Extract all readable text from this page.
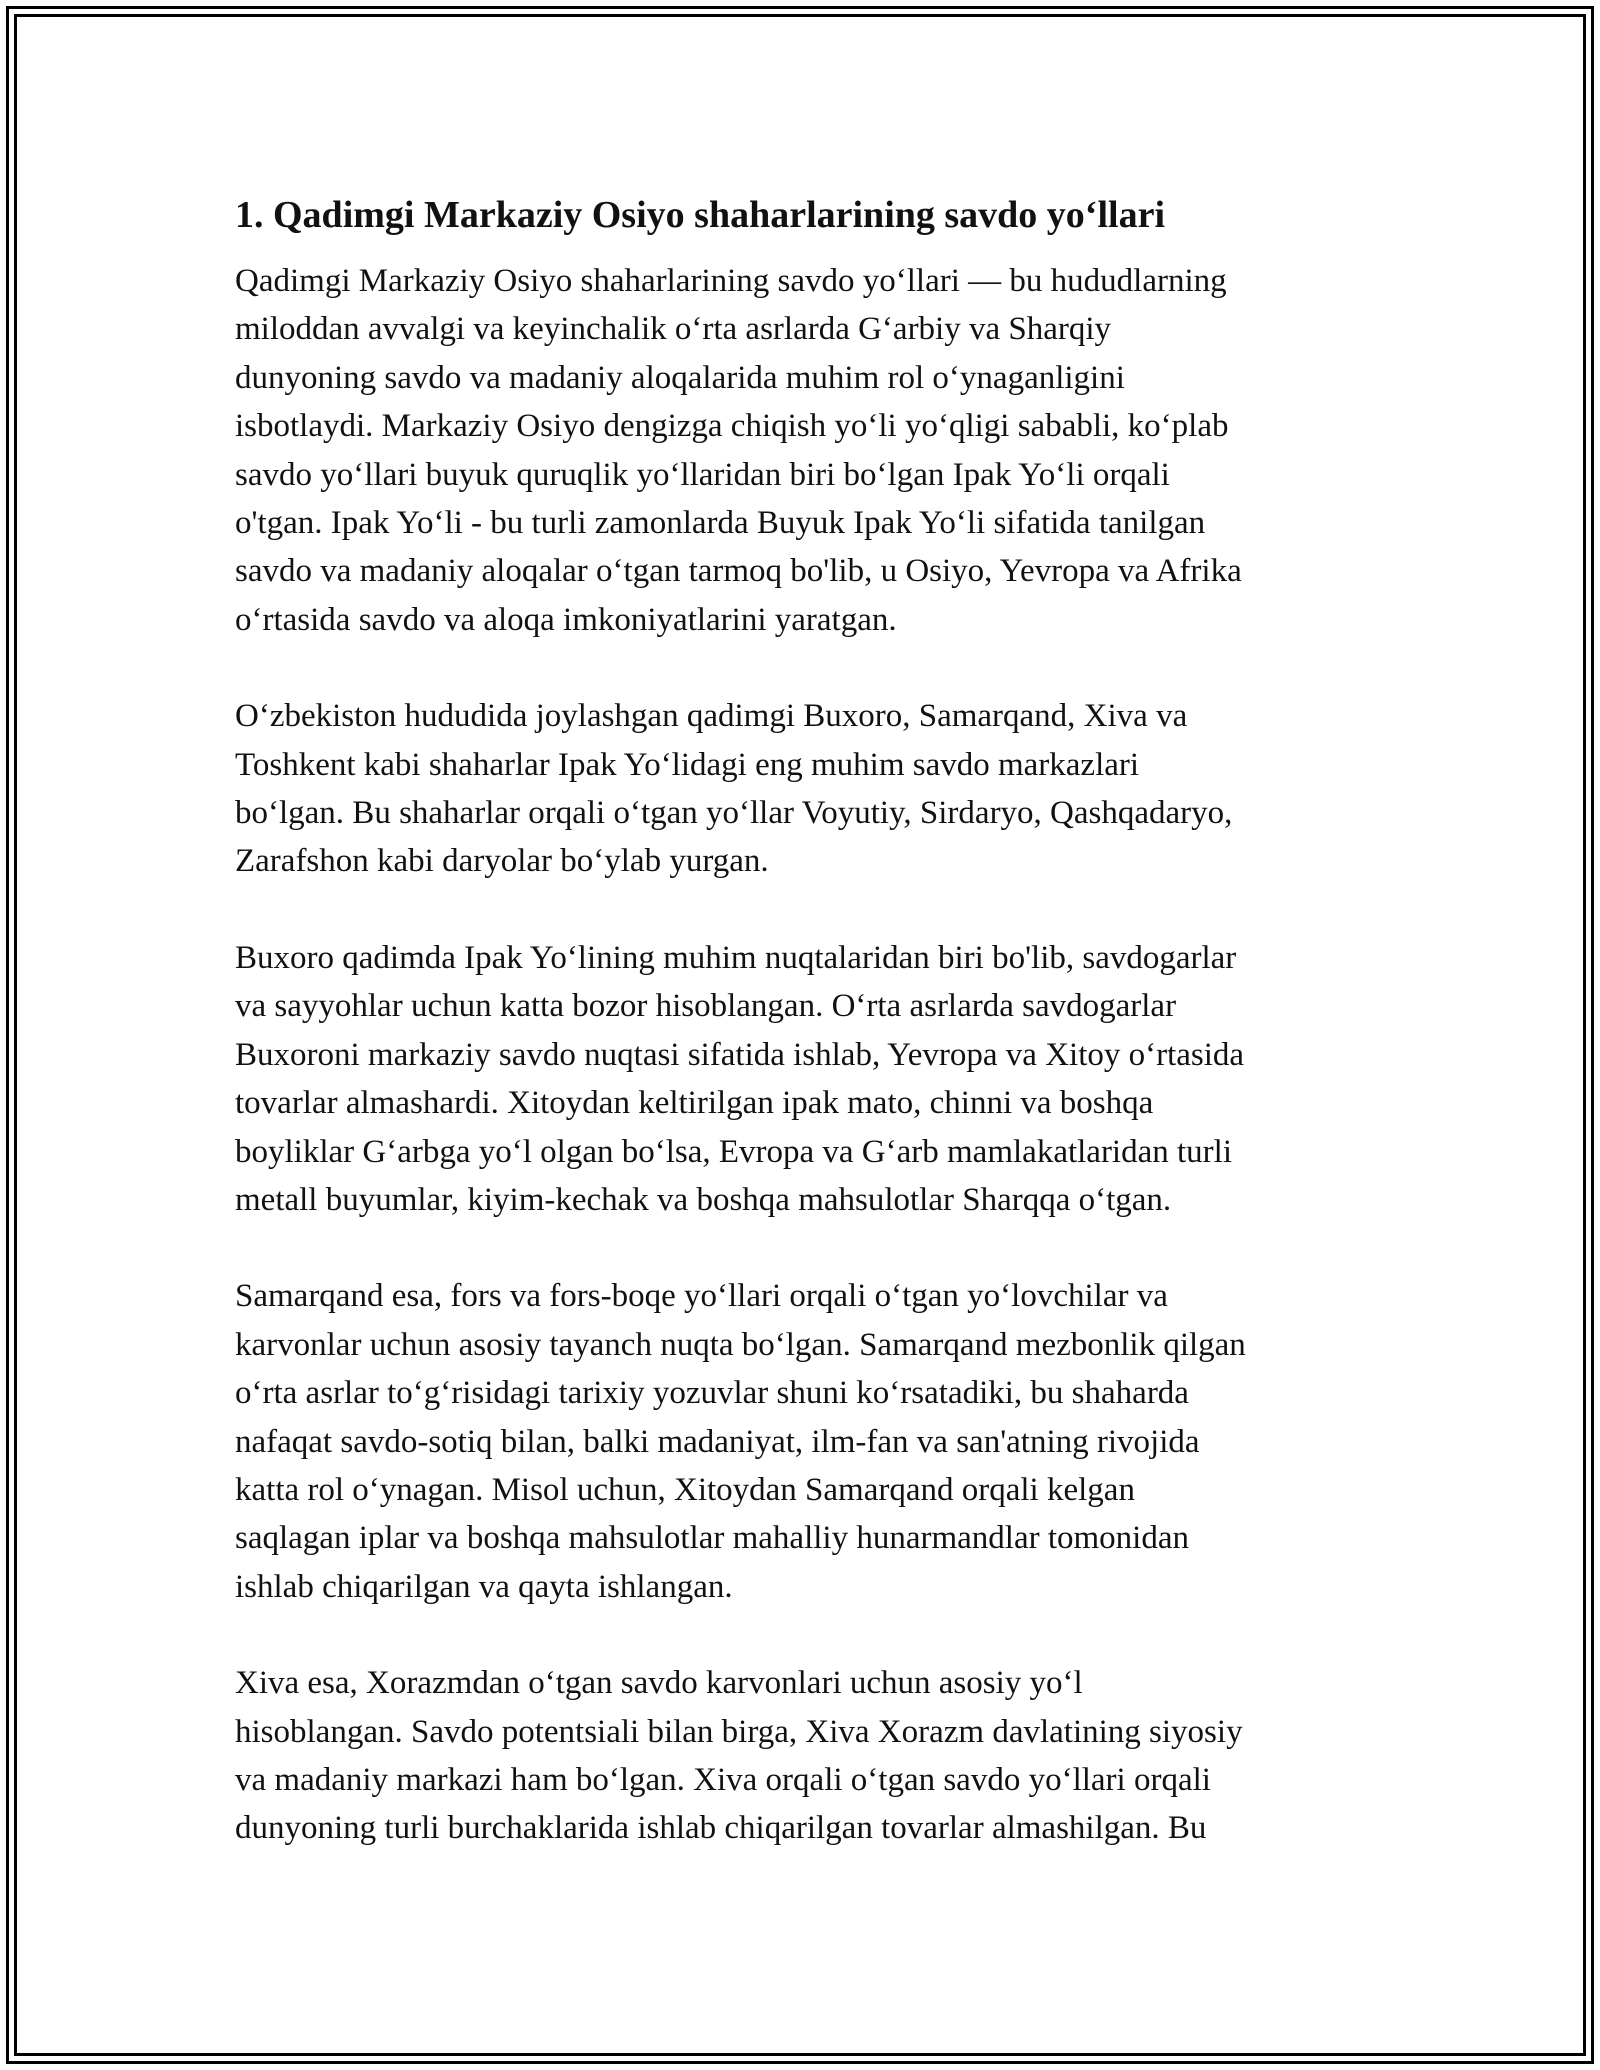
1. Qadimgi Markaziy Osiyo shaharlarining savdo yo‘llari

Qadimgi Markaziy Osiyo shaharlarining savdo yo‘llari — bu hududlarning
miloddan avvalgi va keyinchalik o‘rta asrlarda G‘arbiy va Sharqiy
dunyoning savdo va madaniy aloqalarida muhim rol o‘ynaganligini
isbotlaydi. Markaziy Osiyo dengizga chiqish yo‘li yo‘qligi sababli, ko‘plab
savdo yo‘llari buyuk quruqlik yo‘llaridan biri bo‘lgan Ipak Yo‘li orqali
o'tgan. Ipak Yo‘li - bu turli zamonlarda Buyuk Ipak Yo‘li sifatida tanilgan
savdo va madaniy aloqalar o‘tgan tarmoq bo'lib, u Osiyo, Yevropa va Afrika
o‘rtasida savdo va aloqa imkoniyatlarini yaratgan.

O‘zbekiston hududida joylashgan qadimgi Buxoro, Samarqand, Xiva va
Toshkent kabi shaharlar Ipak Yo‘lidagi eng muhim savdo markazlari
bo‘lgan. Bu shaharlar orqali o‘tgan yo‘llar Voyutiy, Sirdaryo, Qashqadaryo,
Zarafshon kabi daryolar bo‘ylab yurgan.

Buxoro qadimda Ipak Yo‘lining muhim nuqtalaridan biri bo'lib, savdogarlar
va sayyohlar uchun katta bozor hisoblangan. O‘rta asrlarda savdogarlar
Buxoroni markaziy savdo nuqtasi sifatida ishlab, Yevropa va Xitoy o‘rtasida
tovarlar almashardi. Xitoydan keltirilgan ipak mato, chinni va boshqa
boyliklar G‘arbga yo‘l olgan bo‘lsa, Evropa va G‘arb mamlakatlaridan turli
metall buyumlar, kiyim-kechak va boshqa mahsulotlar Sharqqa o‘tgan.

Samarqand esa, fors va fors-boqe yo‘llari orqali o‘tgan yo‘lovchilar va
karvonlar uchun asosiy tayanch nuqta bo‘lgan. Samarqand mezbonlik qilgan
o‘rta asrlar to‘g‘risidagi tarixiy yozuvlar shuni ko‘rsatadiki, bu shaharda
nafaqat savdo-sotiq bilan, balki madaniyat, ilm-fan va san'atning rivojida
katta rol o‘ynagan. Misol uchun, Xitoydan Samarqand orqali kelgan
saqlagan iplar va boshqa mahsulotlar mahalliy hunarmandlar tomonidan
ishlab chiqarilgan va qayta ishlangan.

Xiva esa, Xorazmdan o‘tgan savdo karvonlari uchun asosiy yo‘l
hisoblangan. Savdo potentsiali bilan birga, Xiva Xorazm davlatining siyosiy
va madaniy markazi ham bo‘lgan. Xiva orqali o‘tgan savdo yo‘llari orqali
dunyoning turli burchaklarida ishlab chiqarilgan tovarlar almashilgan. Bu
